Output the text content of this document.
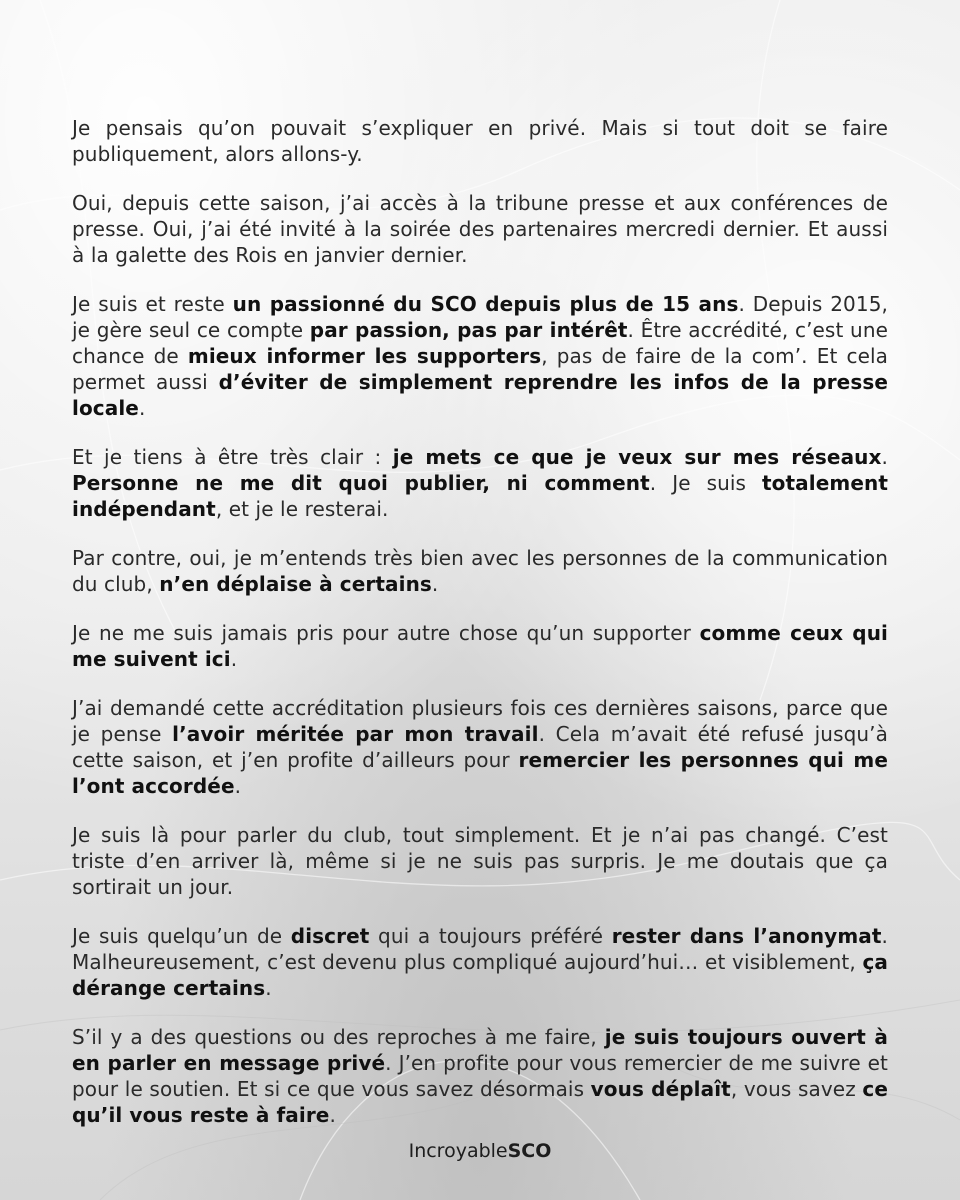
Je pensais qu’on pouvait s’expliquer en privé. Mais si tout doit se faire publiquement, alors allons-y.

Oui, depuis cette saison, j’ai accès à la tribune presse et aux conférences de presse. Oui, j’ai été invité à la soirée des partenaires mercredi dernier. Et aussi à la galette des Rois en janvier dernier.

Je suis et reste un passionné du SCO depuis plus de 15 ans. Depuis 2015, je gère seul ce compte par passion, pas par intérêt. Être accrédité, c’est une chance de mieux informer les supporters, pas de faire de la com’. Et cela permet aussi d’éviter de simplement reprendre les infos de la presse locale.

Et je tiens à être très clair : je mets ce que je veux sur mes réseaux. Personne ne me dit quoi publier, ni comment. Je suis totalement indépendant, et je le resterai.

Par contre, oui, je m’entends très bien avec les personnes de la communication du club, n’en déplaise à certains.

Je ne me suis jamais pris pour autre chose qu’un supporter comme ceux qui me suivent ici.

J’ai demandé cette accréditation plusieurs fois ces dernières saisons, parce que je pense l’avoir méritée par mon travail. Cela m’avait été refusé jusqu’à cette saison, et j’en profite d’ailleurs pour remercier les personnes qui me l’ont accordée.

Je suis là pour parler du club, tout simplement. Et je n’ai pas changé. C’est triste d’en arriver là, même si je ne suis pas surpris. Je me doutais que ça sortirait un jour.

Je suis quelqu’un de discret qui a toujours préféré rester dans l’anonymat. Malheureusement, c’est devenu plus compliqué aujourd’hui… et visiblement, ça dérange certains.

S’il y a des questions ou des reproches à me faire, je suis toujours ouvert à en parler en message privé. J’en profite pour vous remercier de me suivre et pour le soutien. Et si ce que vous savez désormais vous déplaît, vous savez ce qu’il vous reste à faire.

IncroyableSCO
